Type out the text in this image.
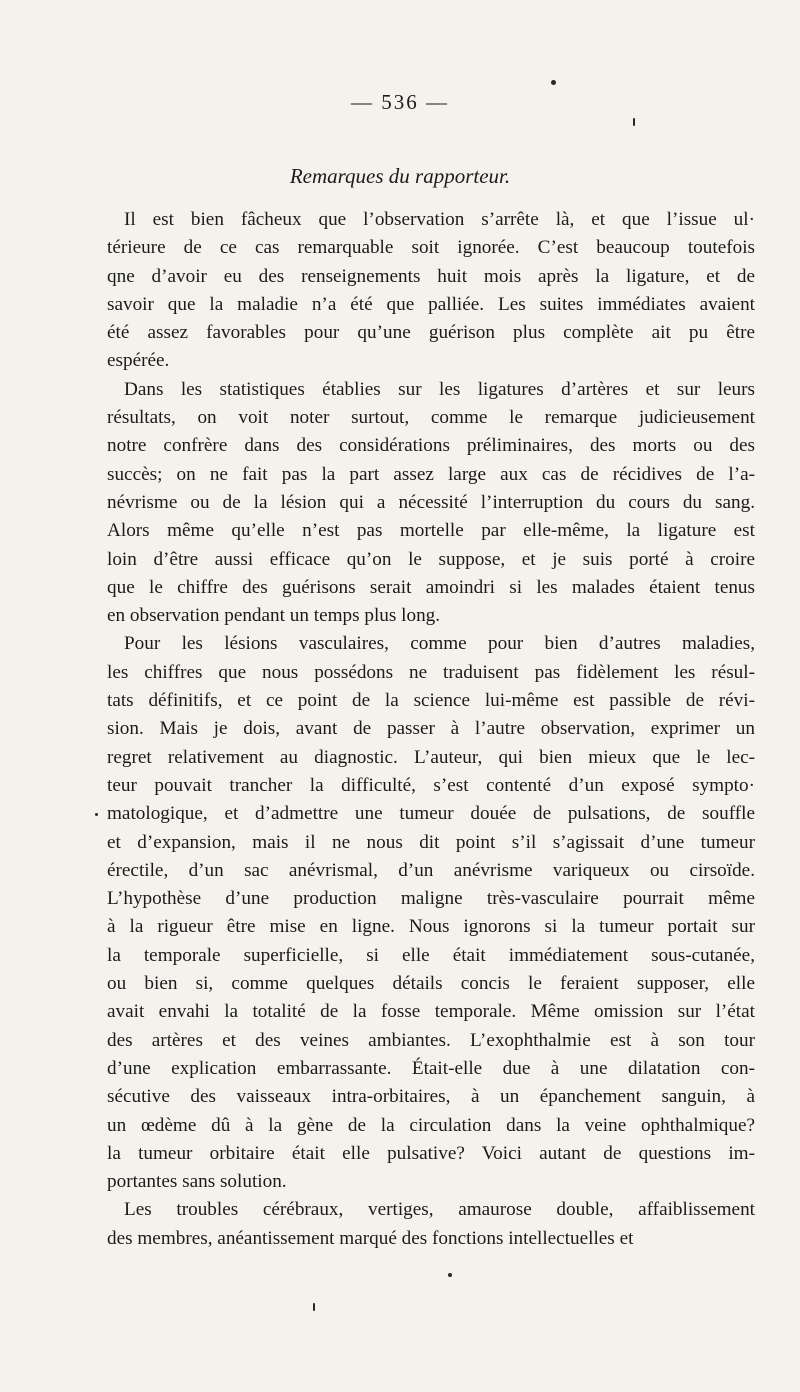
— 536 —
Remarques du rapporteur.
Il est bien fâcheux que l’observation s’arrête là, et que l’issue ul·
térieure de ce cas remarquable soit ignorée. C’est beaucoup toutefois
qne d’avoir eu des renseignements huit mois après la ligature, et de
savoir que la maladie n’a été que palliée. Les suites immédiates avaient
été assez favorables pour qu’une guérison plus complète ait pu être
espérée.
Dans les statistiques établies sur les ligatures d’artères et sur leurs
résultats, on voit noter surtout, comme le remarque judicieusement
notre confrère dans des considérations préliminaires, des morts ou des
succès; on ne fait pas la part assez large aux cas de récidives de l’a-
névrisme ou de la lésion qui a nécessité l’interruption du cours du sang.
Alors même qu’elle n’est pas mortelle par elle-même, la ligature est
loin d’être aussi efficace qu’on le suppose, et je suis porté à croire
que le chiffre des guérisons serait amoindri si les malades étaient tenus
en observation pendant un temps plus long.
Pour les lésions vasculaires, comme pour bien d’autres maladies,
les chiffres que nous possédons ne traduisent pas fidèlement les résul-
tats définitifs, et ce point de la science lui-même est passible de révi-
sion. Mais je dois, avant de passer à l’autre observation, exprimer un
regret relativement au diagnostic. L’auteur, qui bien mieux que le lec-
teur pouvait trancher la difficulté, s’est contenté d’un exposé sympto·
matologique, et d’admettre une tumeur douée de pulsations, de souffle
et d’expansion, mais il ne nous dit point s’il s’agissait d’une tumeur
érectile, d’un sac anévrismal, d’un anévrisme variqueux ou cirsoïde.
L’hypothèse d’une production maligne très-vasculaire pourrait même
à la rigueur être mise en ligne. Nous ignorons si la tumeur portait sur
la temporale superficielle, si elle était immédiatement sous-cutanée,
ou bien si, comme quelques détails concis le feraient supposer, elle
avait envahi la totalité de la fosse temporale. Même omission sur l’état
des artères et des veines ambiantes. L’exophthalmie est à son tour
d’une explication embarrassante. Était-elle due à une dilatation con-
sécutive des vaisseaux intra-orbitaires, à un épanchement sanguin, à
un œdème dû à la gène de la circulation dans la veine ophthalmique?
la tumeur orbitaire était elle pulsative? Voici autant de questions im-
portantes sans solution.
Les troubles cérébraux, vertiges, amaurose double, affaiblissement
des membres, anéantissement marqué des fonctions intellectuelles et
